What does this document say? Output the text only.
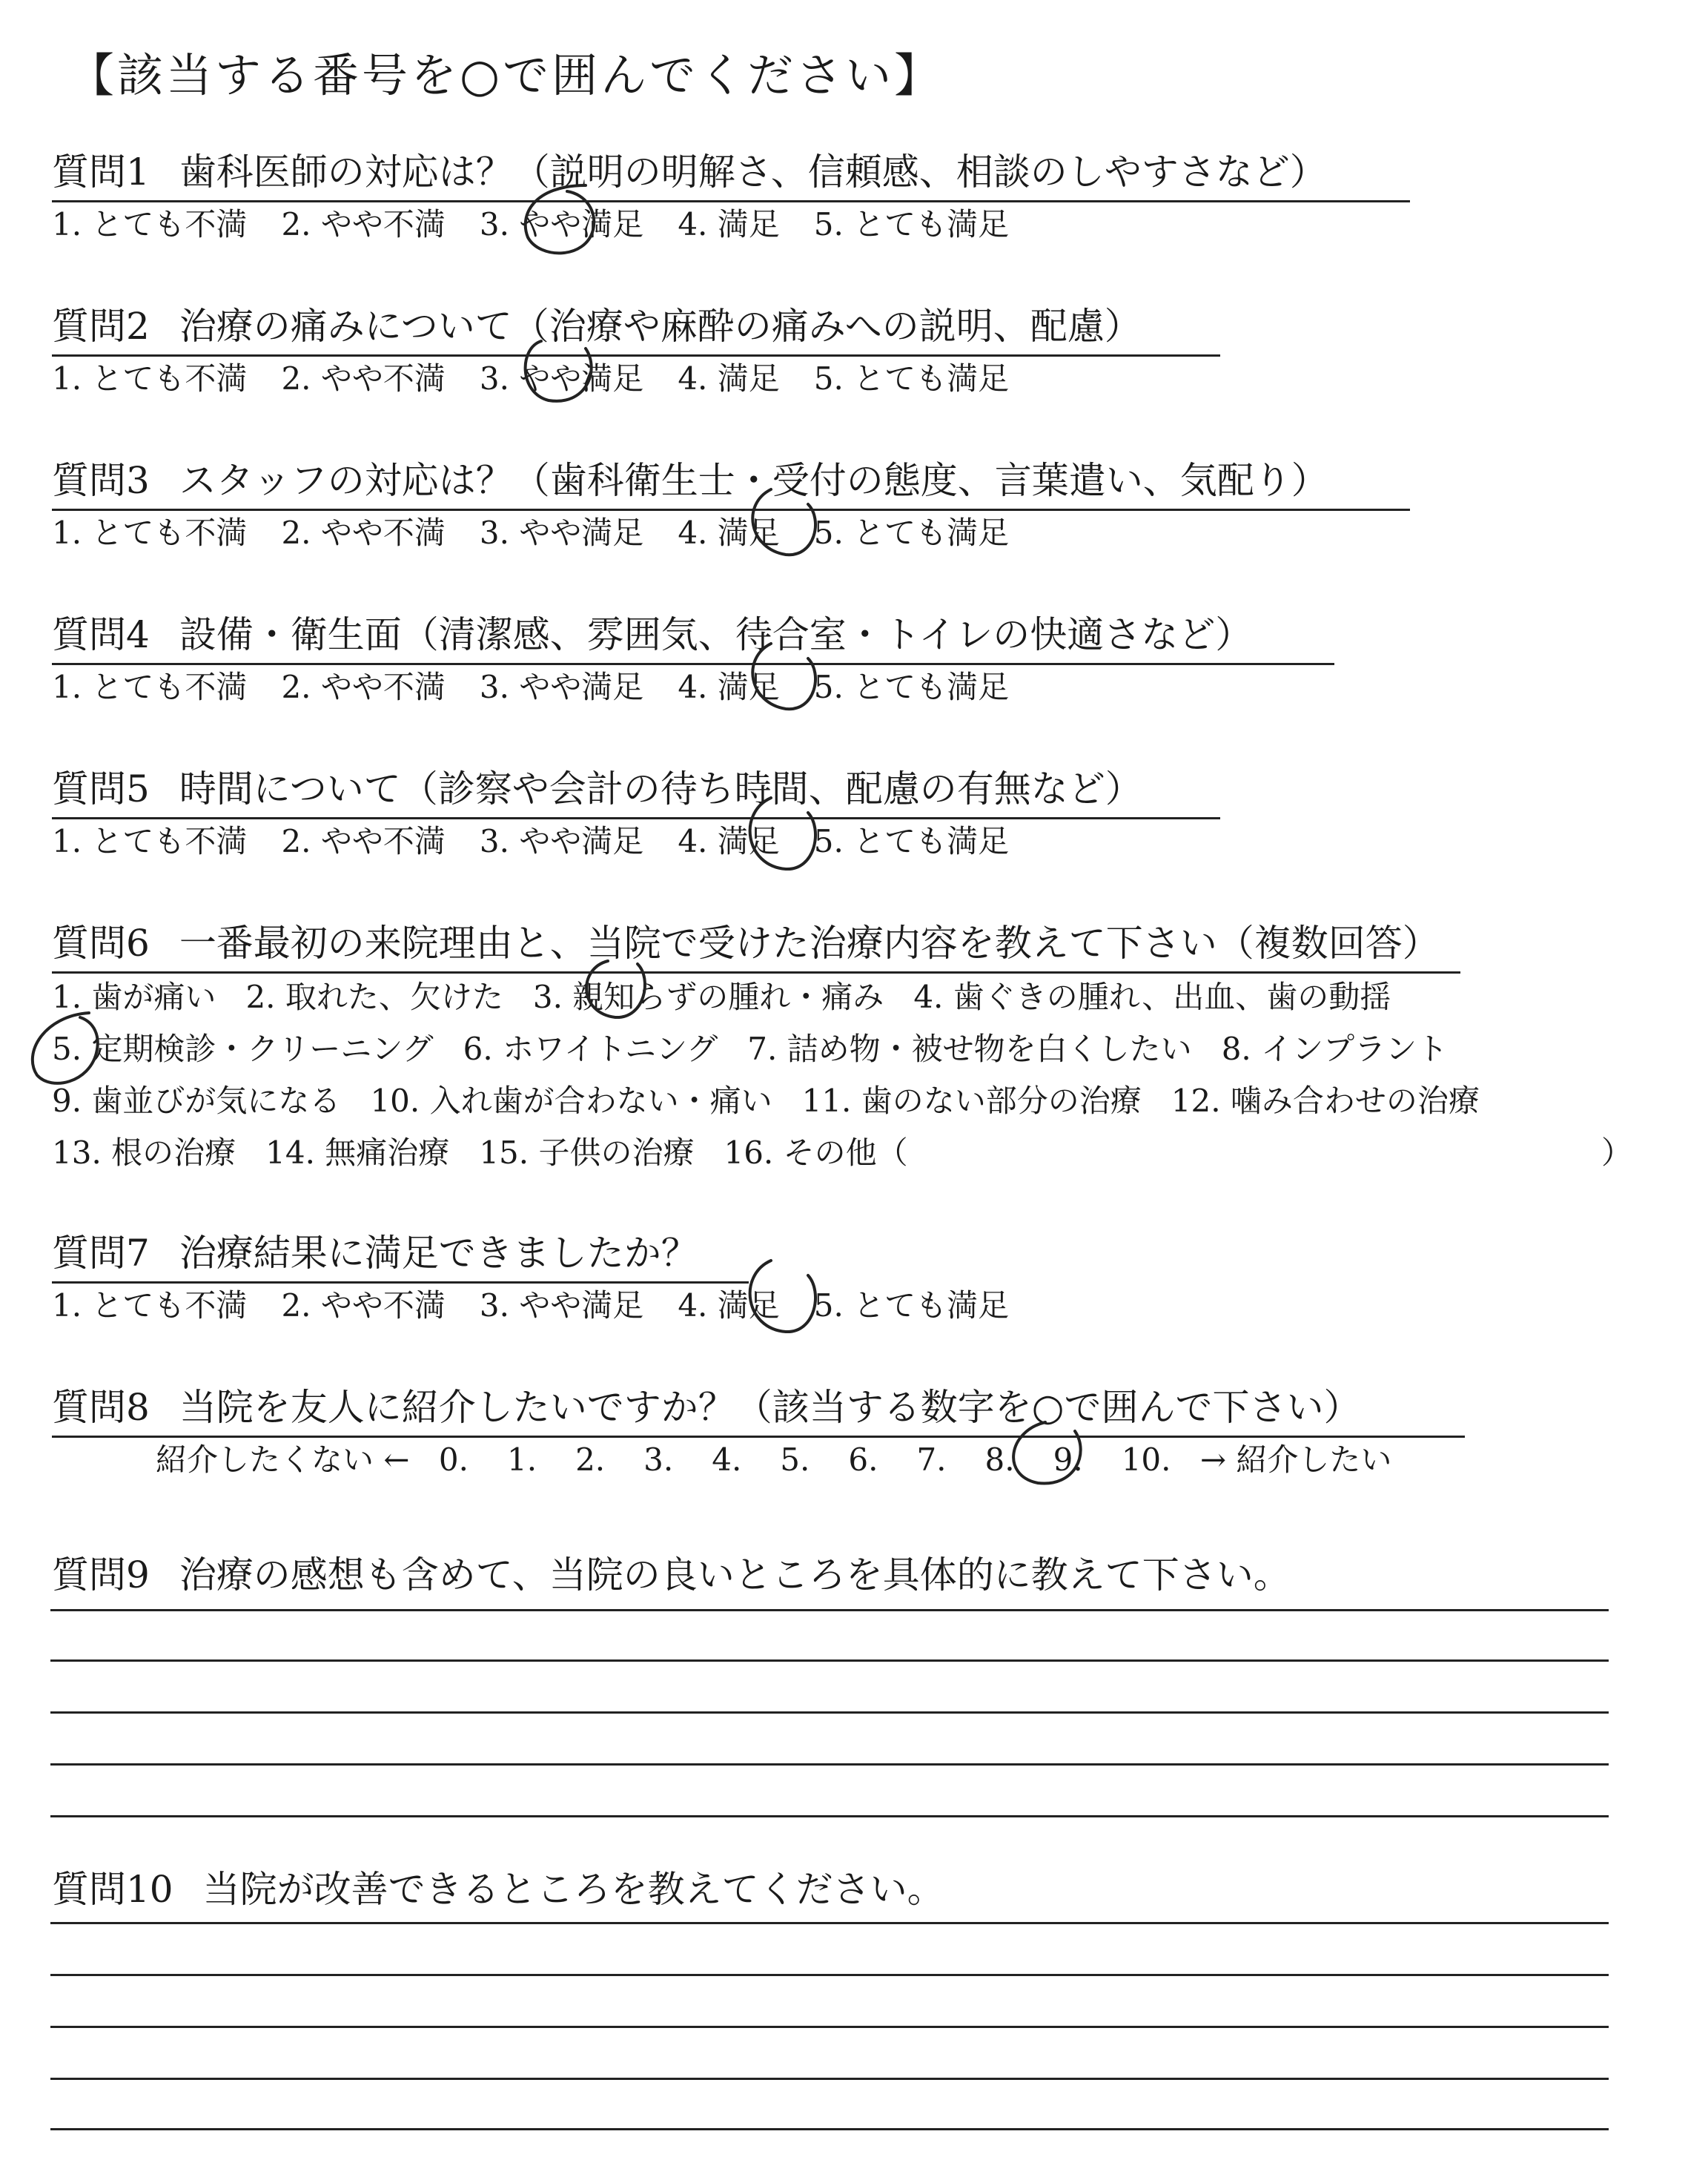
【該当する番号を○で囲んでください】
質問1 歯科医師の対応は？（説明の明解さ、信頼感、相談のしやすさなど）
1. とても不満 2. やや不満 3. やや満足 4. 満足 5. とても満足
質問2 治療の痛みについて（治療や麻酔の痛みへの説明、配慮）
1. とても不満 2. やや不満 3. やや満足 4. 満足 5. とても満足
質問3 スタッフの対応は？（歯科衛生士・受付の態度、言葉遣い、気配り）
1. とても不満 2. やや不満 3. やや満足 4. 満足 5. とても満足
質問4 設備・衛生面（清潔感、雰囲気、待合室・トイレの快適さなど）
1. とても不満 2. やや不満 3. やや満足 4. 満足 5. とても満足
質問5 時間について（診察や会計の待ち時間、配慮の有無など）
1. とても不満 2. やや不満 3. やや満足 4. 満足 5. とても満足
質問6 一番最初の来院理由と、当院で受けた治療内容を教えて下さい（複数回答）
1. 歯が痛い 2. 取れた、欠けた 3. 親知らずの腫れ・痛み 4. 歯ぐきの腫れ、出血、歯の動揺
5. 定期検診・クリーニング 6. ホワイトニング 7. 詰め物・被せ物を白くしたい 8. インプラント
9. 歯並びが気になる 10. 入れ歯が合わない・痛い 11. 歯のない部分の治療 12. 噛み合わせの治療
13. 根の治療 14. 無痛治療 15. 子供の治療 16. その他（	）
質問7 治療結果に満足できましたか？
1. とても不満 2. やや不満 3. やや満足 4. 満足 5. とても満足
質問8 当院を友人に紹介したいですか？（該当する数字を○で囲んで下さい）
紹介したくない ← 0. 1. 2. 3. 4. 5. 6. 7. 8. 9. 10. → 紹介したい
質問9 治療の感想も含めて、当院の良いところを具体的に教えて下さい。
質問10 当院が改善できるところを教えてください。
